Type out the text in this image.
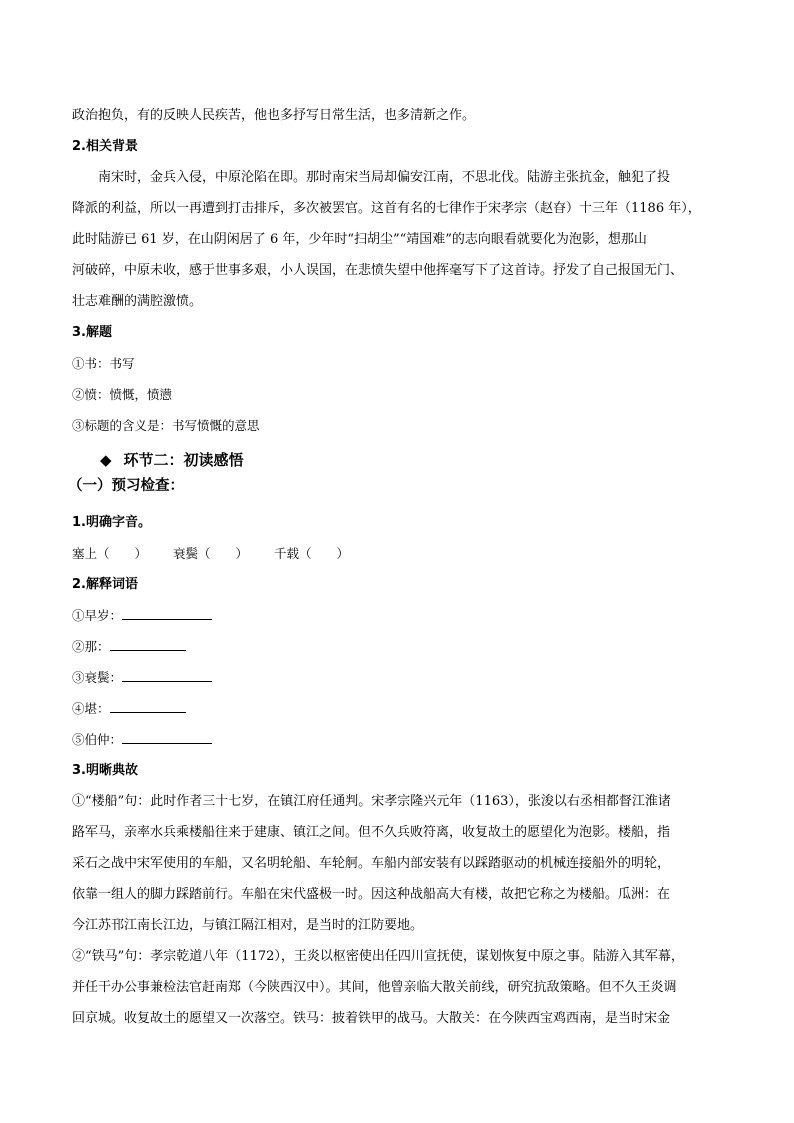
政治抱负，有的反映人民疾苦，他也多抒写日常生活，也多清新之作。

2.相关背景

南宋时，金兵入侵，中原沦陷在即。那时南宋当局却偏安江南，不思北伐。陆游主张抗金，触犯了投

降派的利益，所以一再遭到打击排斥，多次被罢官。这首有名的七律作于宋孝宗（赵昚）十三年（1186 年），

此时陆游已 61 岁，在山阴闲居了 6 年，少年时“扫胡尘”“靖国难”的志向眼看就要化为泡影，想那山

河破碎，中原未收，感于世事多艰，小人误国，在悲愤失望中他挥毫写下了这首诗。抒发了自己报国无门、

壮志难酬的满腔激愤。

3.解题

①书：书写

②愤：愤慨，愤懑

③标题的含义是：书写愤慨的意思

◆ 环节二：初读感悟

（一）预习检查：

1.明确字音。

塞上（　　） 衰鬓（　　） 千载（　　）

2.解释词语

①早岁：

②那：

③衰鬓：

④堪：

⑤伯仲：

3.明晰典故

①“楼船”句：此时作者三十七岁，在镇江府任通判。宋孝宗隆兴元年（1163），张浚以右丞相都督江淮诸

路军马，亲率水兵乘楼船往来于建康、镇江之间。但不久兵败符离，收复故土的愿望化为泡影。楼船，指

采石之战中宋军使用的车船，又名明轮船、车轮舸。车船内部安装有以踩踏驱动的机械连接船外的明轮，

依靠一组人的脚力踩踏前行。车船在宋代盛极一时。因这种战船高大有楼，故把它称之为楼船。瓜洲：在

今江苏邗江南长江边，与镇江隔江相对，是当时的江防要地。

②“铁马”句：孝宗乾道八年（1172），王炎以枢密使出任四川宣抚使，谋划恢复中原之事。陆游入其军幕，

并任干办公事兼检法官赶南郑（今陕西汉中）。其间，他曾亲临大散关前线，研究抗敌策略。但不久王炎调

回京城。收复故土的愿望又一次落空。铁马：披着铁甲的战马。大散关：在今陕西宝鸡西南，是当时宋金
